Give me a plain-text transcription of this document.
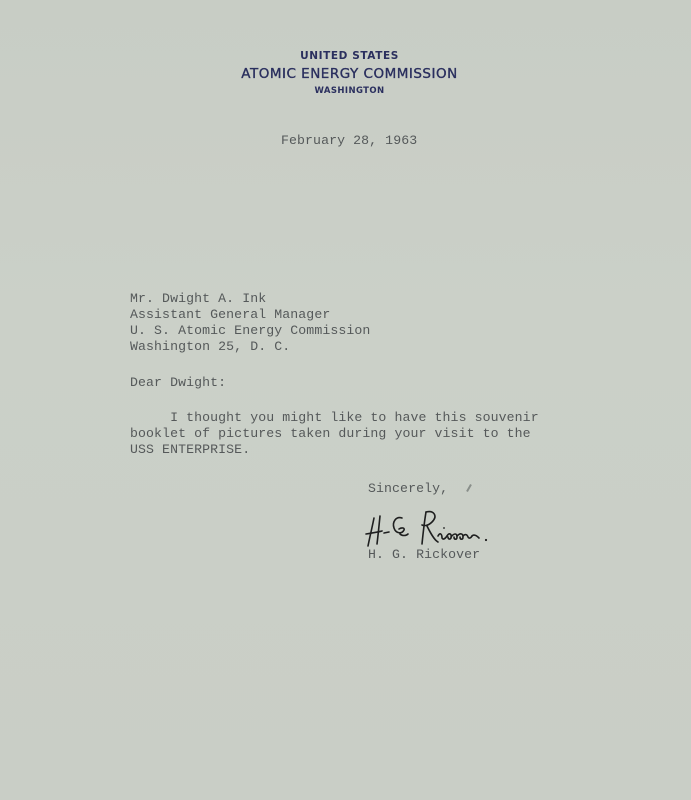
UNITED STATES
ATOMIC ENERGY COMMISSION
WASHINGTON
February 28, 1963
Mr. Dwight A. Ink
Assistant General Manager
U. S. Atomic Energy Commission
Washington 25, D. C.
Dear Dwight:
I thought you might like to have this souvenir
booklet of pictures taken during your visit to the
USS ENTERPRISE.
Sincerely,
H. G. Rickover
